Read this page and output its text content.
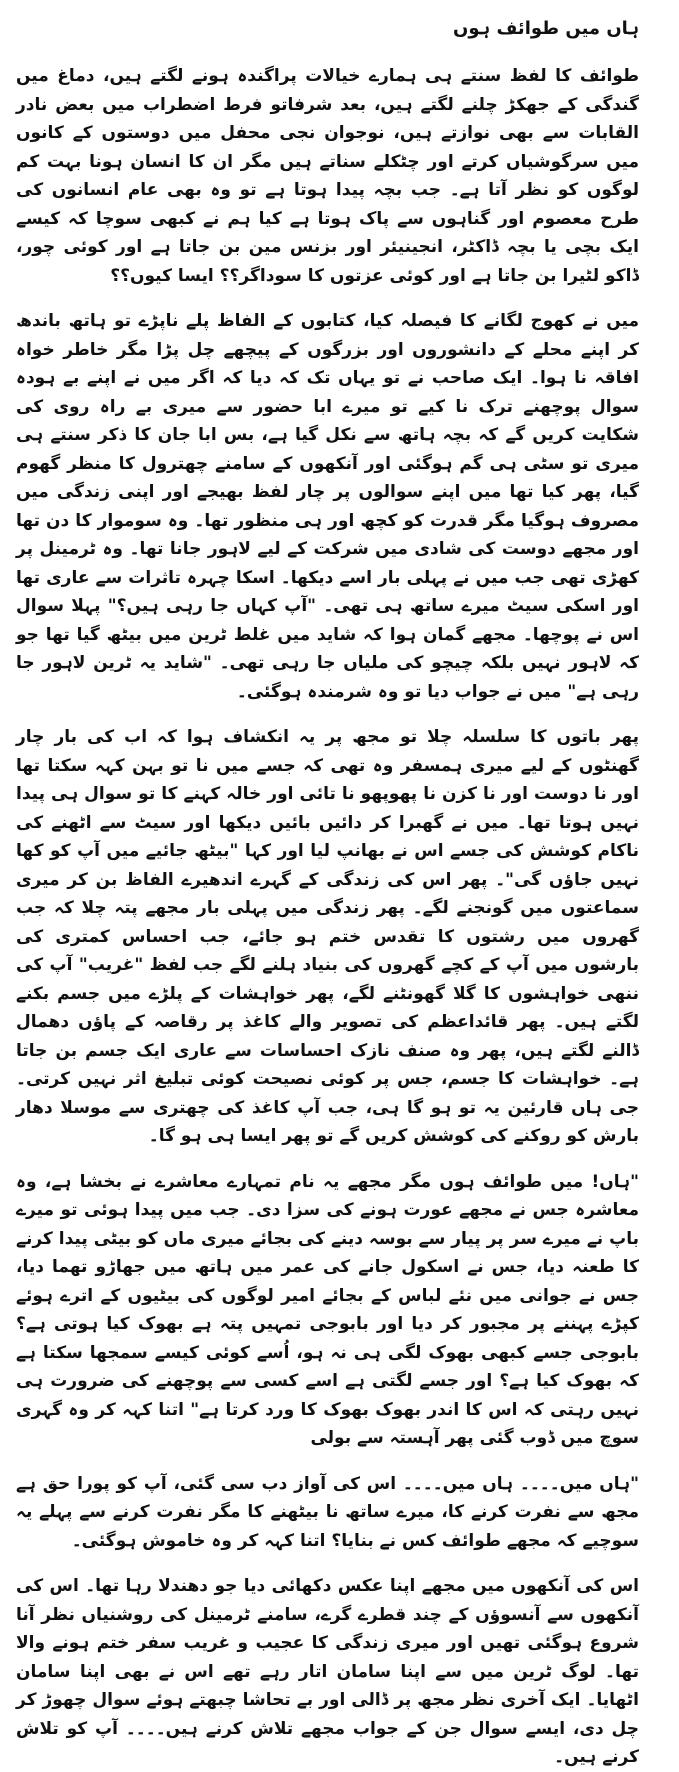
ہاں میں طوائف ہوں

طوائف کا لفظ سنتے ہی ہمارے خیالات پراگندہ ہونے لگتے ہیں، دماغ میں گندگی کے جھکڑ چلنے لگتے ہیں، بعد شرفاتو فرط اضطراب میں بعض نادر القابات سے بھی نوازتے ہیں، نوجوان نجی محفل میں دوستوں کے کانوں میں سرگوشیاں کرتے اور چٹکلے سناتے ہیں مگر ان کا انسان ہونا بہت کم لوگوں کو نظر آتا ہے۔ جب بچہ پیدا ہوتا ہے تو وہ بھی عام انسانوں کی طرح معصوم اور گناہوں سے پاک ہوتا ہے کیا ہم نے کبھی سوچا کہ کیسے ایک بچی یا بچہ ڈاکٹر، انجینیئر اور بزنس مین بن جاتا ہے اور کوئی چور، ڈاکو لٹیرا بن جاتا ہے اور کوئی عزتوں کا سوداگر؟؟ ایسا کیوں؟؟

میں نے کھوج لگانے کا فیصلہ کیا، کتابوں کے الفاظ پلے ناپڑے تو ہاتھ باندھ کر اپنے محلے کے دانشوروں اور بزرگوں کے پیچھے چل پڑا مگر خاطر خواہ افاقہ نا ہوا۔ ایک صاحب نے تو یہاں تک کہ دیا کہ اگر میں نے اپنے بے ہودہ سوال پوچھنے ترک نا کیے تو میرے ابا حضور سے میری بے راہ روی کی شکایت کریں گے کہ بچہ ہاتھ سے نکل گیا ہے، بس ابا جان کا ذکر سنتے ہی میری تو سٹی ہی گم ہوگئی اور آنکھوں کے سامنے چھترول کا منظر گھوم گیا، پھر کیا تھا میں اپنے سوالوں پر چار لفظ بھیجے اور اپنی زندگی میں مصروف ہوگیا مگر قدرت کو کچھ اور ہی منظور تھا۔ وہ سوموار کا دن تھا اور مجھے دوست کی شادی میں شرکت کے لیے لاہور جانا تھا۔ وہ ٹرمینل پر کھڑی تھی جب میں نے پہلی بار اسے دیکھا۔ اسکا چہرہ تاثرات سے عاری تھا اور اسکی سیٹ میرے ساتھ ہی تھی۔ "آپ کہاں جا رہی ہیں؟" پہلا سوال اس نے پوچھا۔ مجھے گمان ہوا کہ شاید میں غلط ٹرین میں بیٹھ گیا تھا جو کہ لاہور نہیں بلکہ چیچو کی ملیاں جا رہی تھی۔ "شاید یہ ٹرین لاہور جا رہی ہے" میں نے جواب دیا تو وہ شرمندہ ہوگئی۔

پھر باتوں کا سلسلہ چلا تو مجھ پر یہ انکشاف ہوا کہ اب کی بار چار گھنٹوں کے لیے میری ہمسفر وہ تھی کہ جسے میں نا تو بہن کہہ سکتا تھا اور نا دوست اور نا کزن نا پھوپھو نا تائی اور خالہ کہنے کا تو سوال ہی پیدا نہیں ہوتا تھا۔ میں نے گھبرا کر دائیں بائیں دیکھا اور سیٹ سے اٹھنے کی ناکام کوشش کی جسے اس نے بھانپ لیا اور کہا "بیٹھ جائیے میں آپ کو کھا نہیں جاؤں گی"۔ پھر اس کی زندگی کے گہرے اندھیرے الفاظ بن کر میری سماعتوں میں گونجنے لگے۔ پھر زندگی میں پہلی بار مجھے پتہ چلا کہ جب گھروں میں رشتوں کا تقدس ختم ہو جائے، جب احساس کمتری کی بارشوں میں آپ کے کچے گھروں کی بنیاد ہلنے لگے جب لفظ "غریب" آپ کی ننھی خواہشوں کا گلا گھونٹنے لگے، پھر خواہشات کے پلڑے میں جسم بکنے لگتے ہیں۔ پھر قائداعظم کی تصویر والے کاغذ پر رقاصہ کے پاؤں دھمال ڈالنے لگتے ہیں، پھر وہ صنف نازک احساسات سے عاری ایک جسم بن جاتا ہے۔ خواہشات کا جسم، جس پر کوئی نصیحت کوئی تبلیغ اثر نہیں کرتی۔ جی ہاں قارئین یہ تو ہو گا ہی، جب آپ کاغذ کی چھتری سے موسلا دھار بارش کو روکنے کی کوشش کریں گے تو پھر ایسا ہی ہو گا۔

"ہاں! میں طوائف ہوں مگر مجھے یہ نام تمہارے معاشرے نے بخشا ہے، وہ معاشرہ جس نے مجھے عورت ہونے کی سزا دی۔ جب میں پیدا ہوئی تو میرے باپ نے میرے سر پر پیار سے بوسہ دینے کی بجائے میری ماں کو بیٹی پیدا کرنے کا طعنہ دیا، جس نے اسکول جانے کی عمر میں ہاتھ میں جھاڑو تھما دیا، جس نے جوانی میں نئے لباس کے بجائے امیر لوگوں کی بیٹیوں کے اترے ہوئے کپڑے پہننے پر مجبور کر دیا اور بابوجی تمہیں پتہ ہے بھوک کیا ہوتی ہے؟ بابوجی جسے کبھی بھوک لگی ہی نہ ہو، اُسے کوئی کیسے سمجھا سکتا ہے کہ بھوک کیا ہے؟ اور جسے لگتی ہے اسے کسی سے پوچھنے کی ضرورت ہی نہیں رہتی کہ اس کا اندر بھوک بھوک کا ورد کرتا ہے" اتنا کہہ کر وہ گہری سوچ میں ڈوب گئی پھر آہستہ سے بولی

"ہاں میں۔۔۔۔ ہاں میں۔۔۔۔ اس کی آواز دب سی گئی، آپ کو پورا حق ہے مجھ سے نفرت کرنے کا، میرے ساتھ نا بیٹھنے کا مگر نفرت کرنے سے پہلے یہ سوچیے کہ مجھے طوائف کس نے بنایا؟ اتنا کہہ کر وہ خاموش ہوگئی۔

اس کی آنکھوں میں مجھے اپنا عکس دکھائی دیا جو دھندلا رہا تھا۔ اس کی آنکھوں سے آنسوؤں کے چند قطرے گرے، سامنے ٹرمینل کی روشنیاں نظر آنا شروع ہوگئی تھیں اور میری زندگی کا عجیب و غریب سفر ختم ہونے والا تھا۔ لوگ ٹرین میں سے اپنا سامان اتار رہے تھے اس نے بھی اپنا سامان اٹھایا۔ ایک آخری نظر مجھ پر ڈالی اور بے تحاشا چبھتے ہوئے سوال چھوڑ کر چل دی، ایسے سوال جن کے جواب مجھے تلاش کرنے ہیں۔۔۔۔ آپ کو تلاش کرنے ہیں۔
